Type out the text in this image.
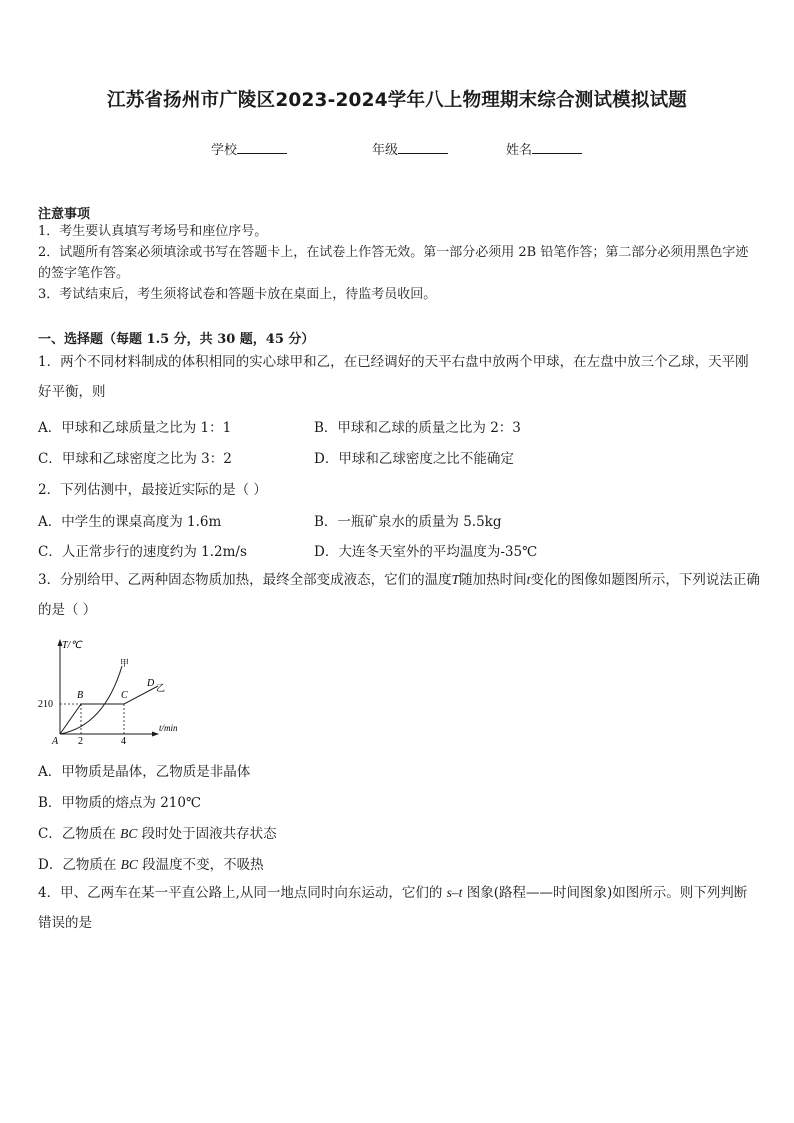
江苏省扬州市广陵区2023-2024学年八上物理期末综合测试模拟试题
学校	年级	姓名
注意事项
1．考生要认真填写考场号和座位序号。
2．试题所有答案必须填涂或书写在答题卡上，在试卷上作答无效。第一部分必须用 2B 铅笔作答；第二部分必须用黑色字迹的签字笔作答。
3．考试结束后，考生须将试卷和答题卡放在桌面上，待监考员收回。
一、选择题（每题 1.5 分，共 30 题，45 分）
1．两个不同材料制成的体积相同的实心球甲和乙，在已经调好的天平右盘中放两个甲球，在左盘中放三个乙球，天平刚好平衡，则
A．甲球和乙球质量之比为 1：1	B．甲球和乙球的质量之比为 2：3
C．甲球和乙球密度之比为 3：2	D．甲球和乙球密度之比不能确定
2．下列估测中，最接近实际的是（ ）
A．中学生的课桌高度为 1.6m	B．一瓶矿泉水的质量为 5.5kg
C．人正常步行的速度约为 1.2m/s	D．大连冬天室外的平均温度为-35℃
3．分别给甲、乙两种固态物质加热，最终全部变成液态，它们的温度T随加热时间t变化的图像如题图所示，下列说法正确的是（ ）
T/℃
t/min
210
2	4
A
B	C
D
甲
乙
A．甲物质是晶体，乙物质是非晶体
B．甲物质的熔点为 210℃
C．乙物质在 BC 段时处于固液共存状态
D．乙物质在 BC 段温度不变，不吸热
4．甲、乙两车在某一平直公路上,从同一地点同时向东运动，它们的 s–t 图象(路程——时间图象)如图所示。则下列判断错误的是
